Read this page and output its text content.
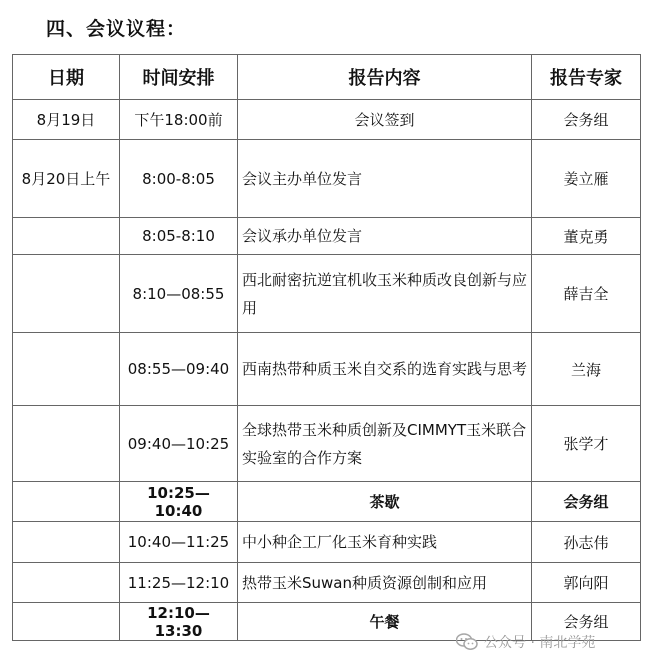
四、会议议程：
日期	时间安排	报告内容	报告专家
8月19日	下午18:00前	会议签到	会务组
8月20日上午	8:00-8:05	会议主办单位发言	姜立雁
	8:05-8:10	会议承办单位发言	董克勇
	8:10—08:55	西北耐密抗逆宜机收玉米种质改良创新与应用	薛吉全
	08:55—09:40	西南热带种质玉米自交系的选育实践与思考	兰海
	09:40—10:25	全球热带玉米种质创新及CIMMYT玉米联合实验室的合作方案	张学才
	10:25—10:40	茶歇	会务组
	10:40—11:25	中小种企工厂化玉米育种实践	孙志伟
	11:25—12:10	热带玉米Suwan种质资源创制和应用	郭向阳
	12:10—13:30	午餐	会务组
公众号 · 南北学苑
